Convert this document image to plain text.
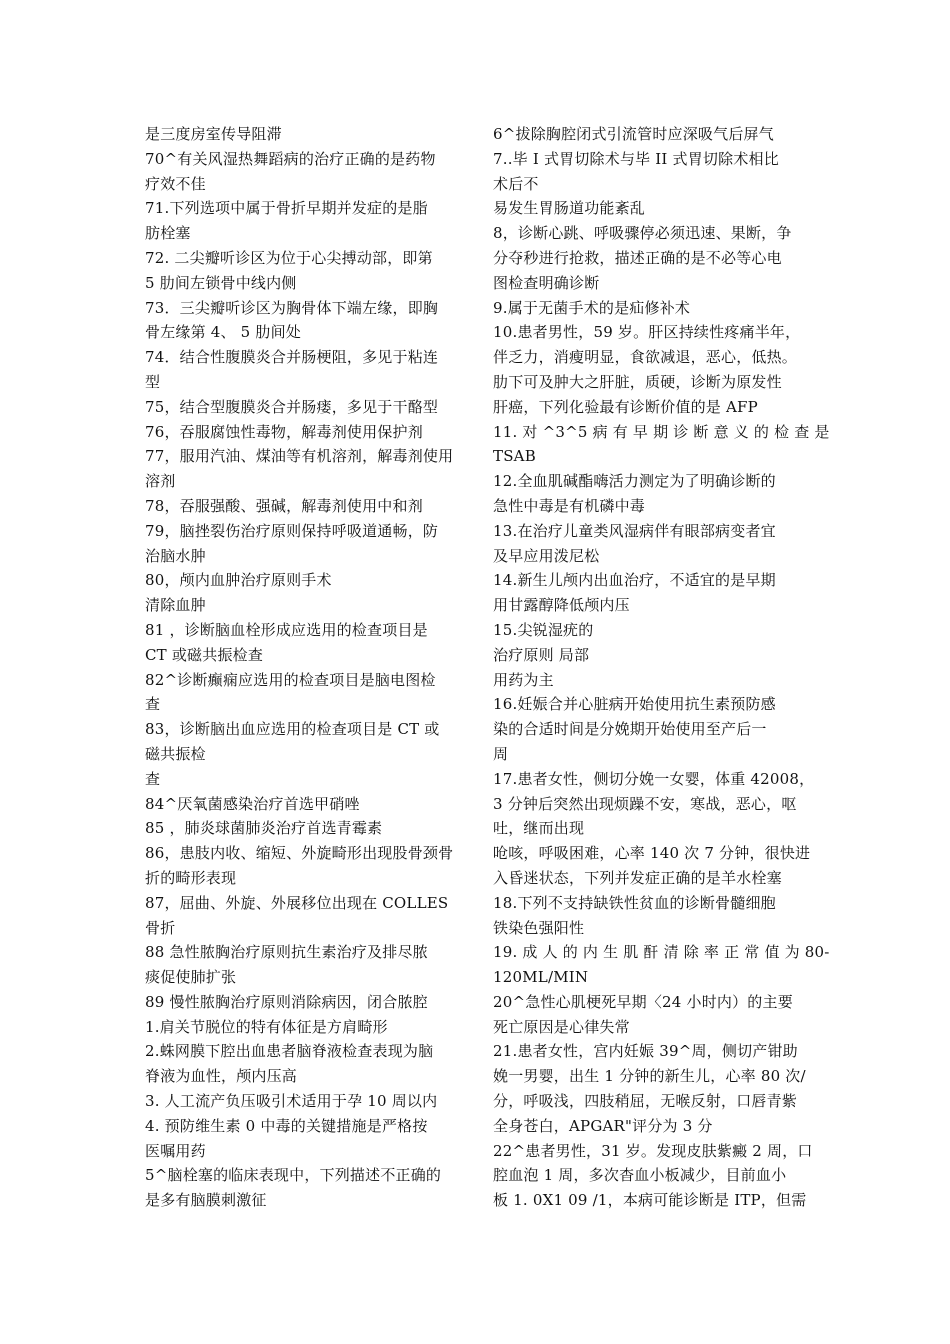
是三度房室传导阻滞
70^有关风湿热舞蹈病的治疗正确的是药物
疗效不佳
71.下列选项中属于骨折早期并发症的是脂
肪栓塞
72. 二尖瓣听诊区为位于心尖搏动部，即第
5 肋间左锁骨中线内侧
73．三尖瓣听诊区为胸骨体下端左缘，即胸
骨左缘第 4、 5 肋间处
74．结合性腹膜炎合并肠梗阻，多见于粘连
型
75，结合型腹膜炎合并肠瘘，多见于干酪型
76，吞服腐蚀性毒物，解毒剂使用保护剂
77，服用汽油、煤油等有机溶剂，解毒剂使用
溶剂
78，吞服强酸、强碱，解毒剂使用中和剂
79，脑挫裂伤治疗原则保持呼吸道通畅，防
治脑水肿
80，颅内血肿治疗原则手术
清除血肿
81 ，诊断脑血栓形成应选用的检查项目是
CT 或磁共振检查
82^诊断癫痫应选用的检查项目是脑电图检
查
83，诊断脑出血应选用的检查项目是 CT 或
磁共振检
查
84^厌氧菌感染治疗首选甲硝唑
85 ，肺炎球菌肺炎治疗首选青霉素
86，患肢内收、缩短、外旋畸形出现股骨颈骨
折的畸形表现
87，屈曲、外旋、外展移位出现在 COLLES
骨折
88 急性脓胸治疗原则抗生素治疗及排尽脓
痰促使肺扩张
89 慢性脓胸治疗原则消除病因，闭合脓腔
1.肩关节脱位的特有体征是方肩畸形
2.蛛网膜下腔出血患者脑脊液检查表现为脑
脊液为血性，颅内压高
3. 人工流产负压吸引术适用于孕 10 周以内
4. 预防维生素 0 中毒的关键措施是严格按
医嘱用药
5^脑栓塞的临床表现中，下列描述不正确的
是多有脑膜刺激征
6^拔除胸腔闭式引流管时应深吸气后屏气
7..毕 I 式胃切除术与毕 II 式胃切除术相比
术后不
易发生胃肠道功能紊乱
8，诊断心跳、呼吸骤停必须迅速、果断，争
分夺秒进行抢救，描述正确的是不必等心电
图检查明确诊断
9.属于无菌手术的是疝修补术
10.患者男性，59 岁。肝区持续性疼痛半年，
伴乏力，消瘦明显，食欲减退，恶心，低热。
肋下可及肿大之肝脏，质硬，诊断为原发性
肝癌，下列化验最有诊断价值的是 AFP
11. 对 ^3^5 病 有 早 期 诊 断 意 义 的 检 查 是
TSAB
12.全血肌碱酯嗨活力测定为了明确诊断的
急性中毒是有机磷中毒
13.在治疗儿童类风湿病伴有眼部病变者宜
及早应用泼尼松
14.新生儿颅内出血治疗，不适宜的是早期
用甘露醇降低颅内压
15.尖锐湿疣的
治疗原则 局部
用药为主
16.妊娠合并心脏病开始使用抗生素预防感
染的合适时间是分娩期开始使用至产后一
周
17.患者女性，侧切分娩一女婴，体重 42008，
3 分钟后突然出现烦躁不安，寒战，恶心，呕
吐，继而出现
呛咳，呼吸困难，心率 140 次 7 分钟，很快进
入昏迷状态，下列并发症正确的是羊水栓塞
18.下列不支持缺铁性贫血的诊断骨髓细胞
铁染色强阳性
19. 成 人 的 内 生 肌 酐 清 除 率 正 常 值 为 80-
120ML/MIN
20^急性心肌梗死早期〈24 小时内）的主要
死亡原因是心律失常
21.患者女性，宫内妊娠 39^周，侧切产钳助
娩一男婴，出生 1 分钟的新生儿，心率 80 次/
分，呼吸浅，四肢稍屈，无喉反射，口唇青紫
全身苍白，APGAR"评分为 3 分
22^患者男性，31 岁。发现皮肤紫癜 2 周，口
腔血泡 1 周，多次杳血小板减少，目前血小
板 1. 0X1 09 /1，本病可能诊断是 ITP，但需
